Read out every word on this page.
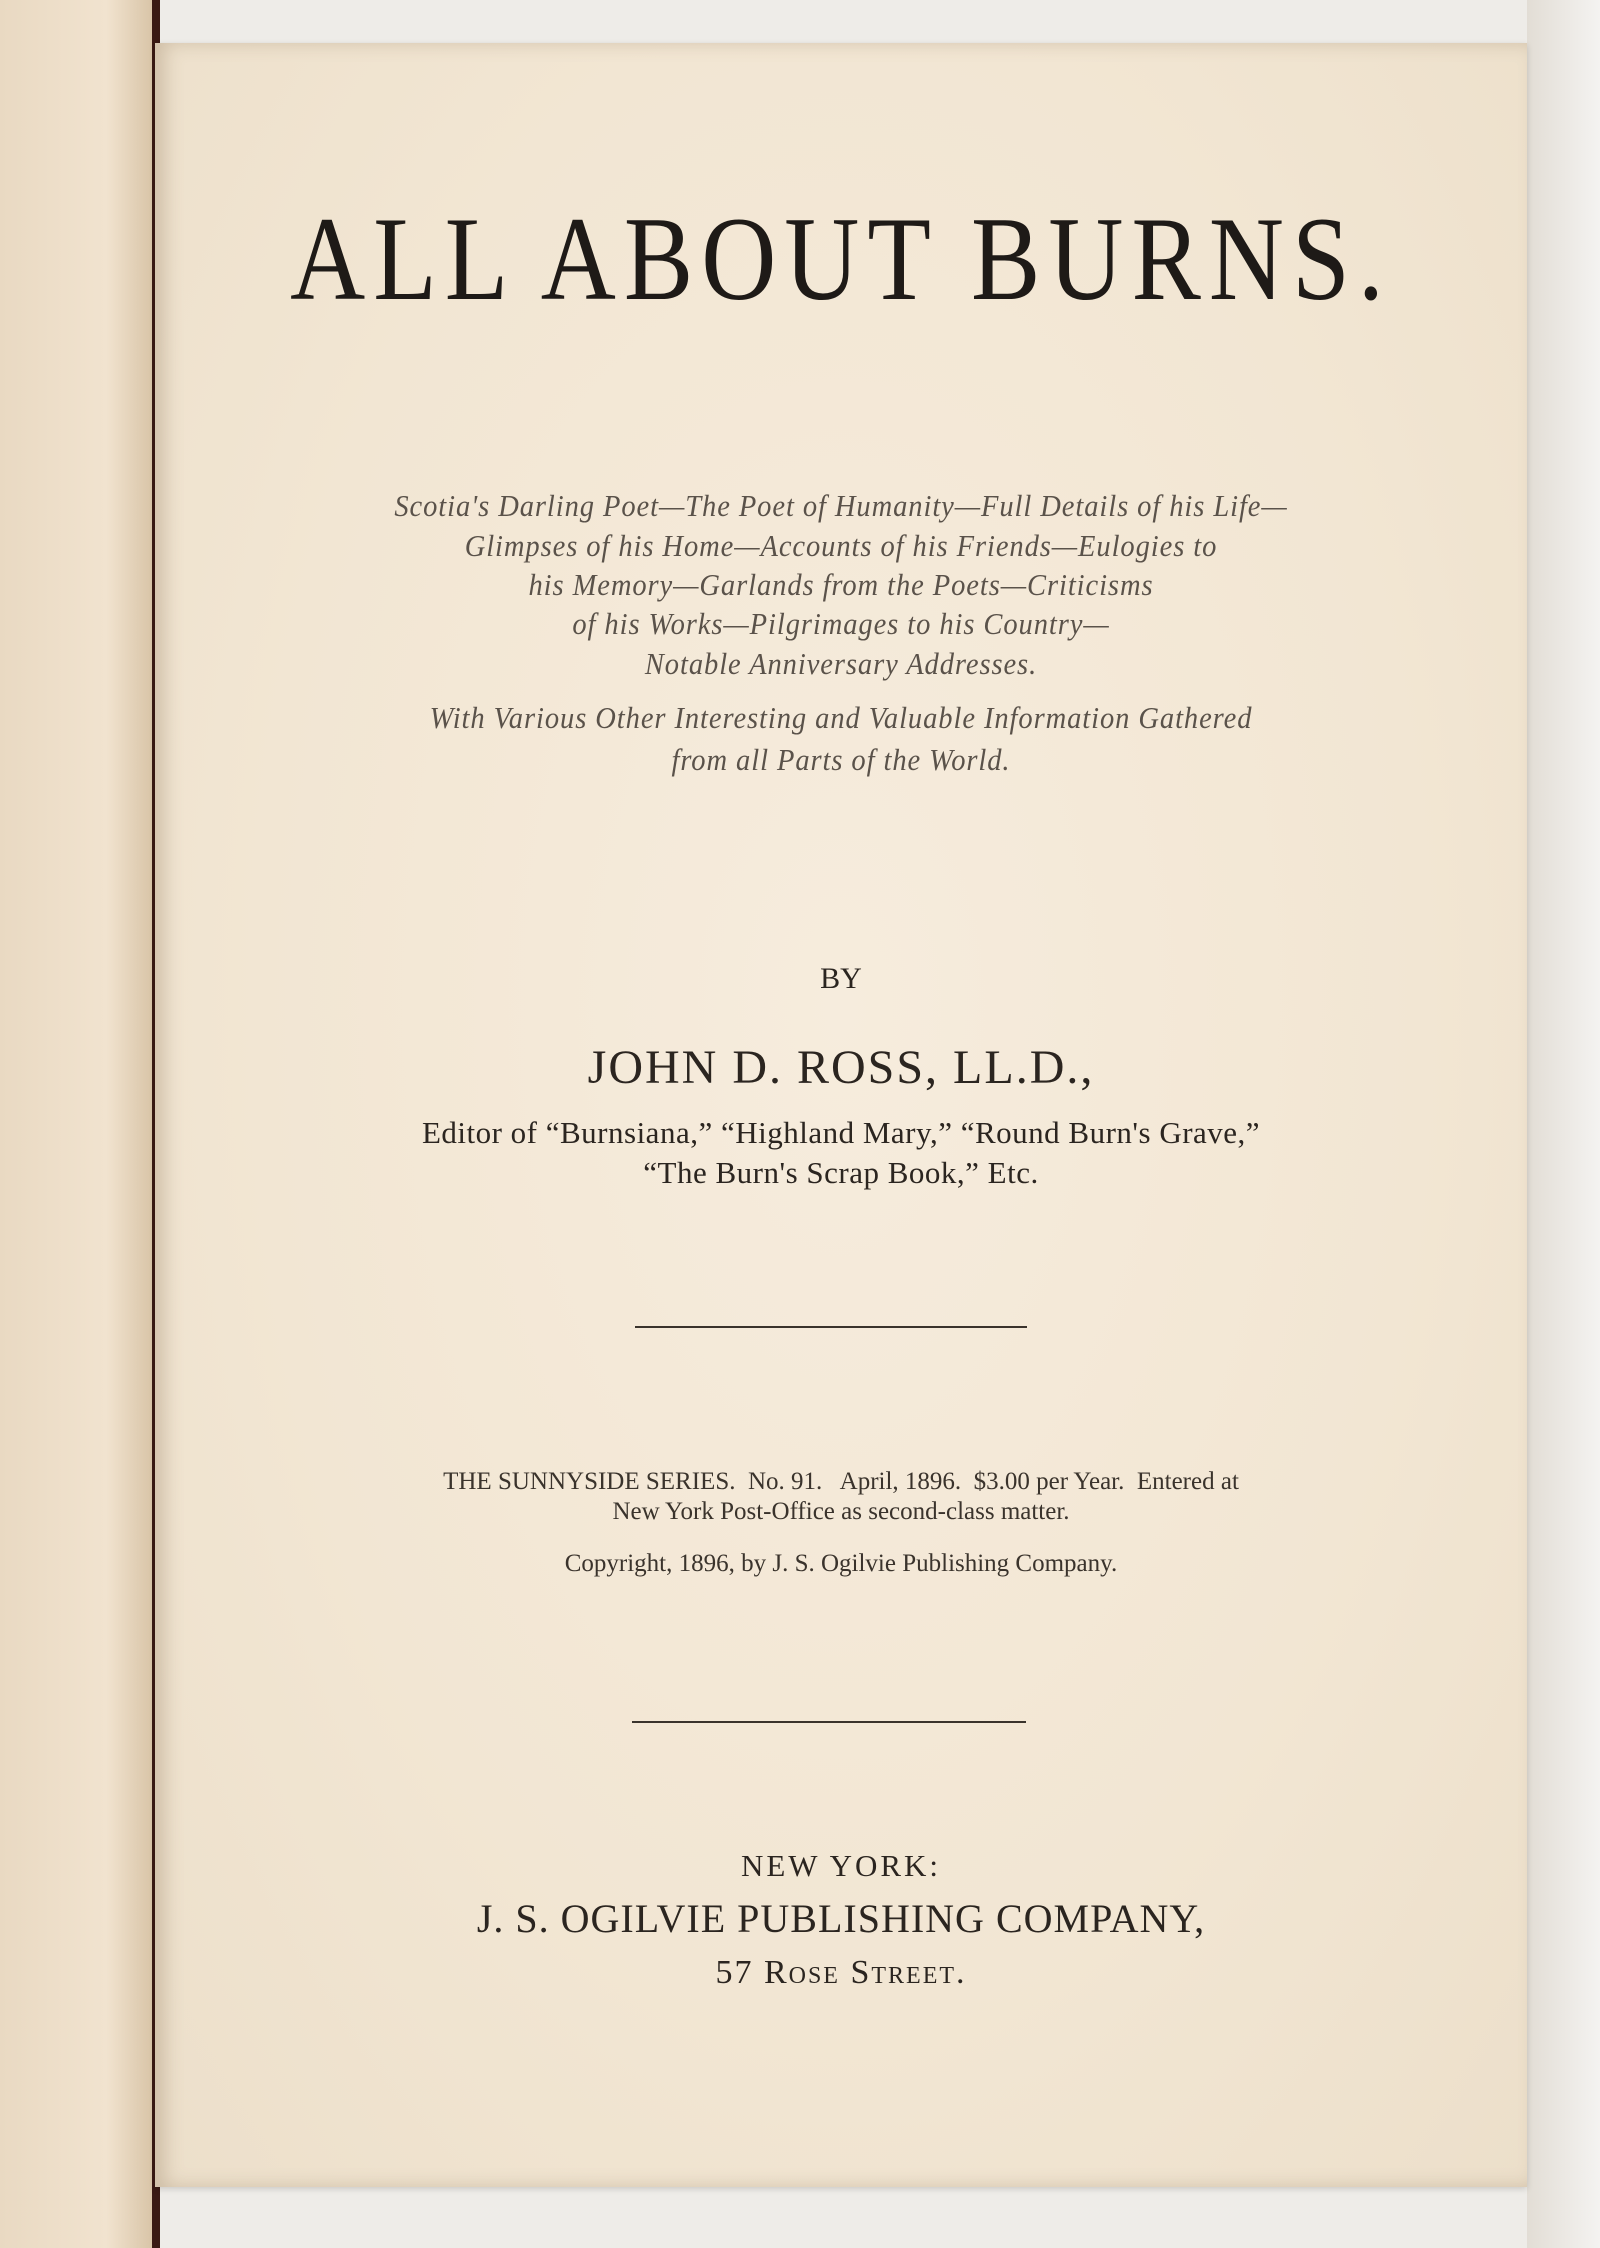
ALL ABOUT BURNS.
Scotia's Darling Poet—The Poet of Humanity—Full Details of his Life—
Glimpses of his Home—Accounts of his Friends—Eulogies to
his Memory—Garlands from the Poets—Criticisms
of his Works—Pilgrimages to his Country—
Notable Anniversary Addresses.
With Various Other Interesting and Valuable Information Gathered
from all Parts of the World.
BY
JOHN D. ROSS, LL.D.,
Editor of “Burnsiana,” “Highland Mary,” “Round Burn's Grave,”
“The Burn's Scrap Book,” Etc.
THE SUNNYSIDE SERIES.  No. 91.   April, 1896.  $3.00 per Year.  Entered at
New York Post-Office as second-class matter.
Copyright, 1896, by J. S. Ogilvie Publishing Company.
NEW YORK:
J. S. OGILVIE PUBLISHING COMPANY,
57 Rose Street.
